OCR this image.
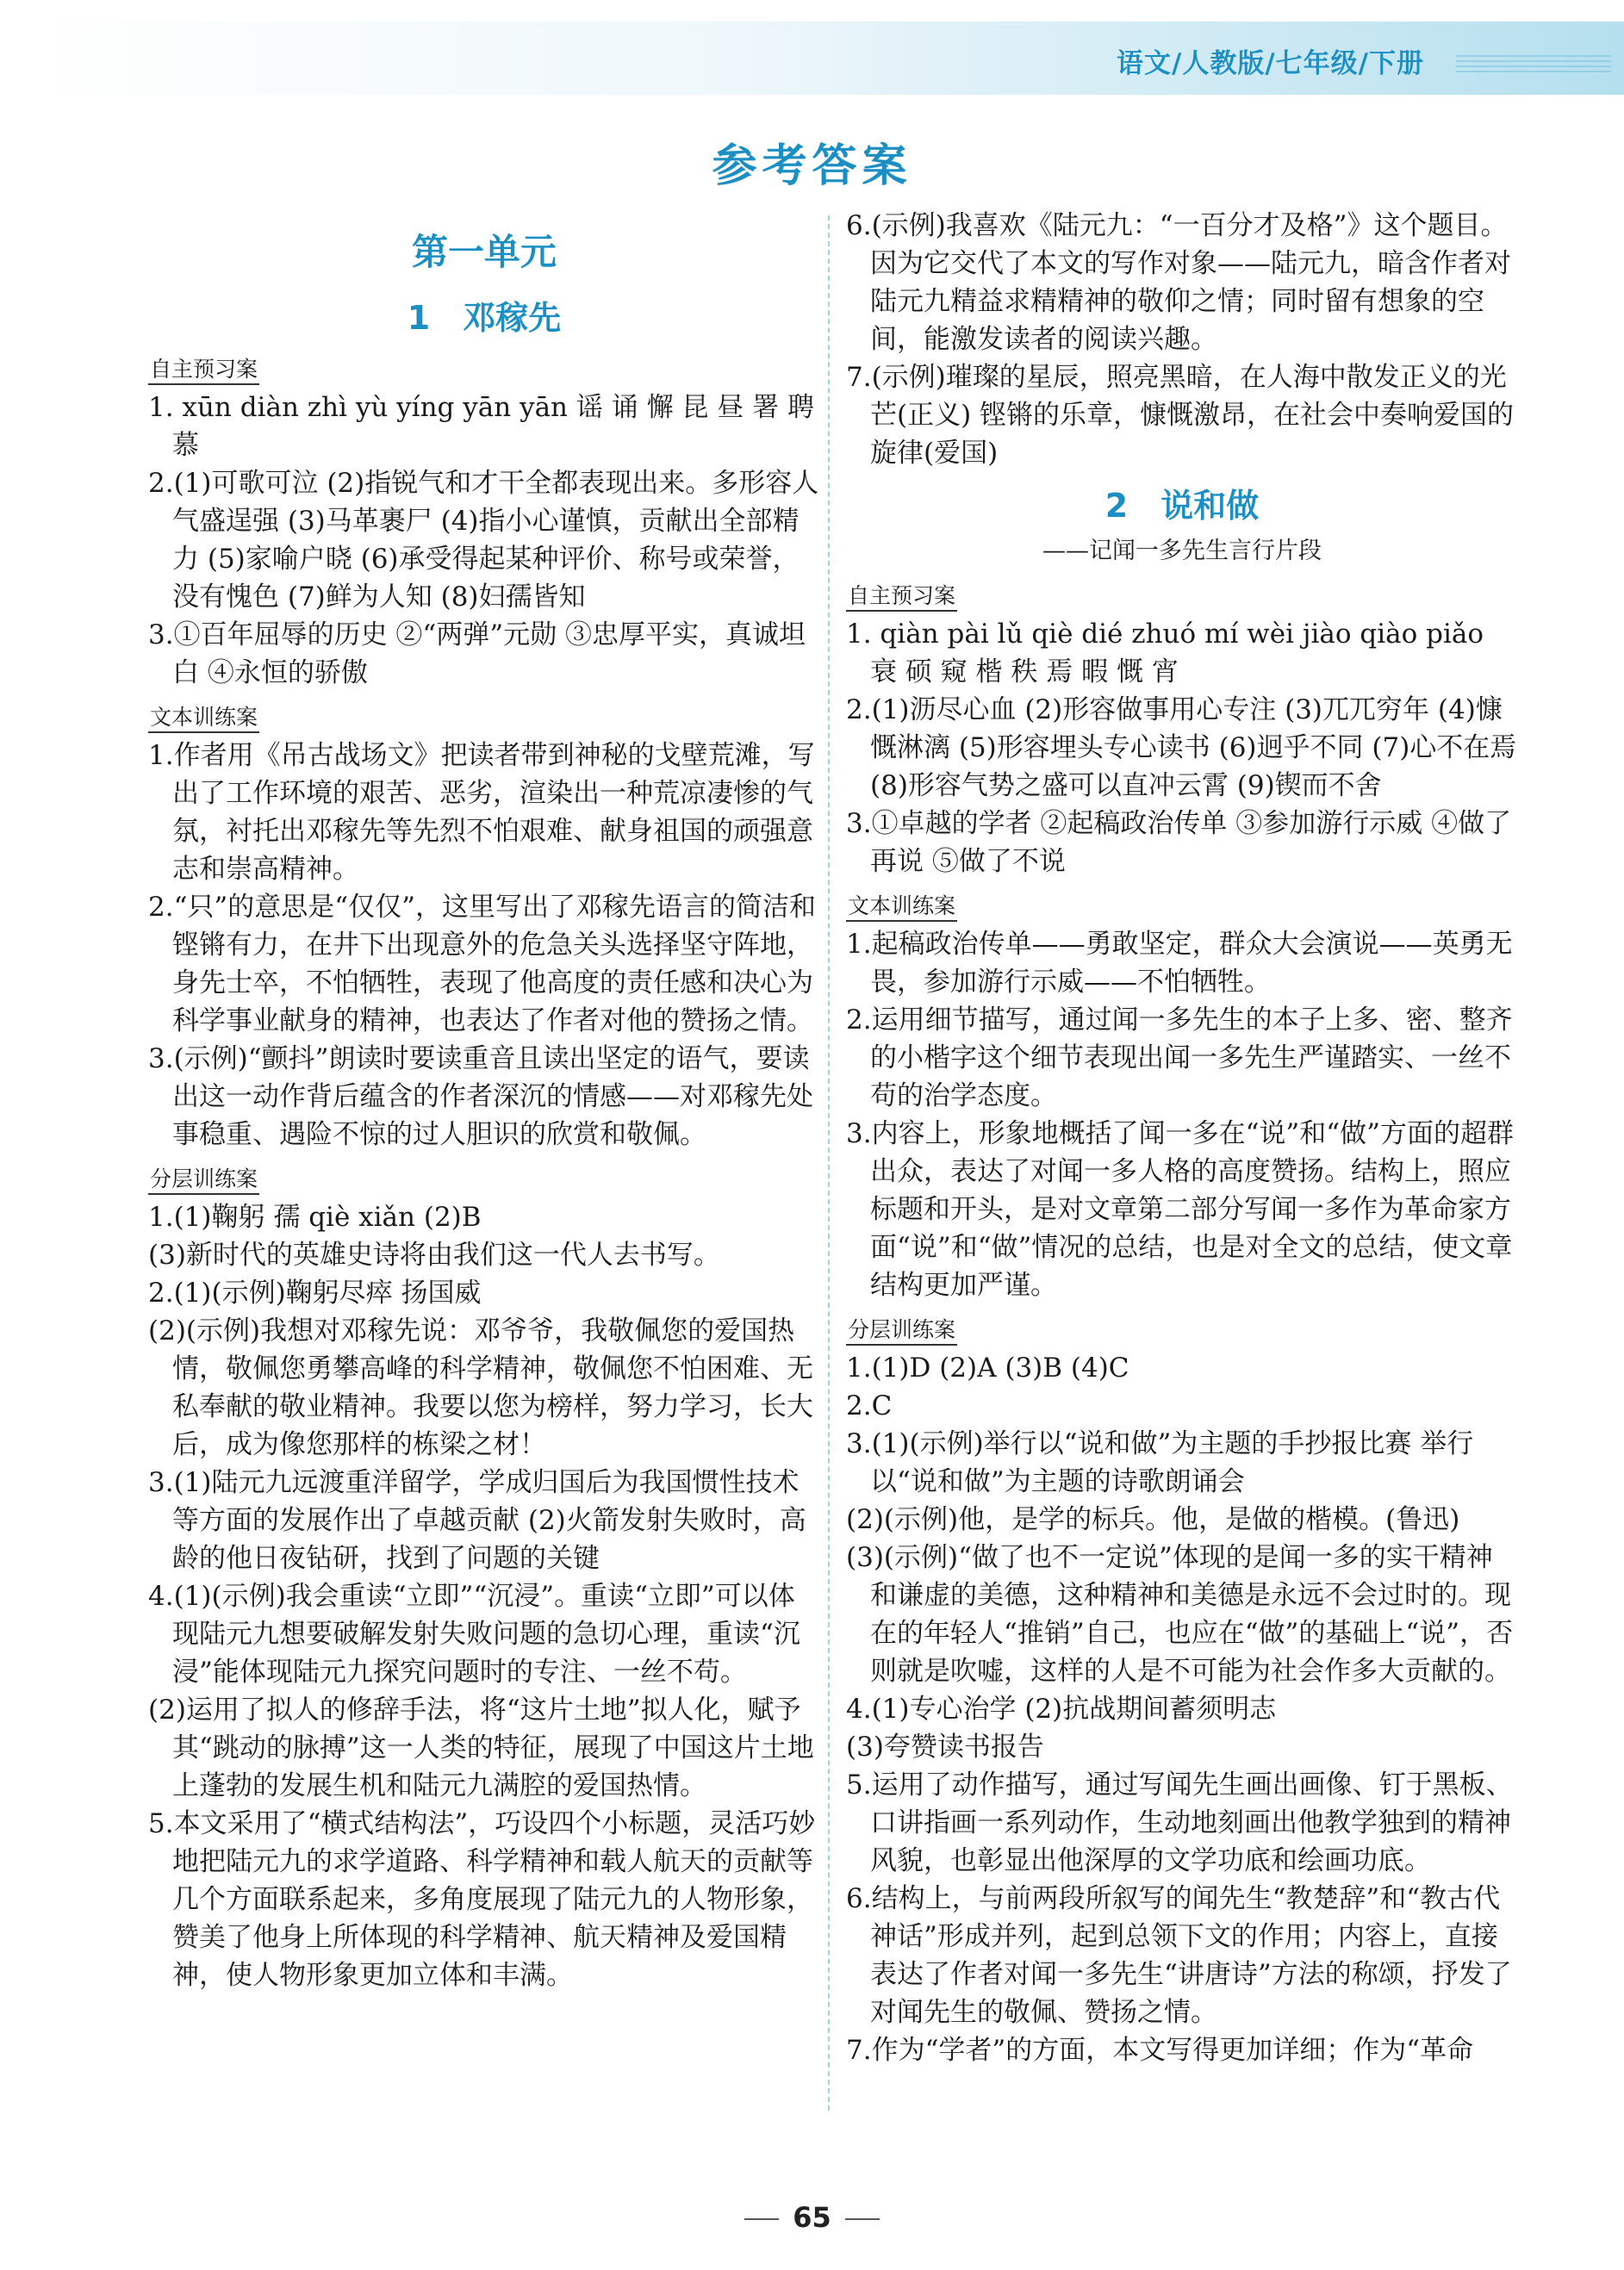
语文/人教版/七年级/下册
参考答案
第一单元
1　邓稼先
自主预习案

1. xūn diàn zhì yù yíng yān yān 谣 诵 懈 昆 昼 署 聘 慕

2.(1)可歌可泣 (2)指锐气和才干全都表现出来。多形容人气盛逞强 (3)马革裹尸 (4)指小心谨慎，贡献出全部精力 (5)家喻户晓 (6)承受得起某种评价、称号或荣誉，没有愧色 (7)鲜为人知 (8)妇孺皆知

3.①百年屈辱的历史 ②“两弹”元勋 ③忠厚平实，真诚坦白 ④永恒的骄傲

文本训练案

1.作者用《吊古战场文》把读者带到神秘的戈壁荒滩，写出了工作环境的艰苦、恶劣，渲染出一种荒凉凄惨的气氛，衬托出邓稼先等先烈不怕艰难、献身祖国的顽强意志和崇高精神。

2.“只”的意思是“仅仅”，这里写出了邓稼先语言的简洁和铿锵有力，在井下出现意外的危急关头选择坚守阵地，身先士卒，不怕牺牲，表现了他高度的责任感和决心为科学事业献身的精神，也表达了作者对他的赞扬之情。

3.(示例)“颤抖”朗读时要读重音且读出坚定的语气，要读出这一动作背后蕴含的作者深沉的情感——对邓稼先处事稳重、遇险不惊的过人胆识的欣赏和敬佩。

分层训练案

1.(1)鞠躬 孺 qiè xiǎn (2)B

(3)新时代的英雄史诗将由我们这一代人去书写。

2.(1)(示例)鞠躬尽瘁 扬国威

(2)(示例)我想对邓稼先说：邓爷爷，我敬佩您的爱国热情，敬佩您勇攀高峰的科学精神，敬佩您不怕困难、无私奉献的敬业精神。我要以您为榜样，努力学习，长大后，成为像您那样的栋梁之材！

3.(1)陆元九远渡重洋留学，学成归国后为我国惯性技术等方面的发展作出了卓越贡献 (2)火箭发射失败时，高龄的他日夜钻研，找到了问题的关键

4.(1)(示例)我会重读“立即”“沉浸”。重读“立即”可以体现陆元九想要破解发射失败问题的急切心理，重读“沉浸”能体现陆元九探究问题时的专注、一丝不苟。

(2)运用了拟人的修辞手法，将“这片土地”拟人化，赋予其“跳动的脉搏”这一人类的特征，展现了中国这片土地上蓬勃的发展生机和陆元九满腔的爱国热情。

5.本文采用了“横式结构法”，巧设四个小标题，灵活巧妙地把陆元九的求学道路、科学精神和载人航天的贡献等几个方面联系起来，多角度展现了陆元九的人物形象，赞美了他身上所体现的科学精神、航天精神及爱国精神，使人物形象更加立体和丰满。

6.(示例)我喜欢《陆元九：“一百分才及格”》这个题目。因为它交代了本文的写作对象——陆元九，暗含作者对陆元九精益求精精神的敬仰之情；同时留有想象的空间，能激发读者的阅读兴趣。

7.(示例)璀璨的星辰，照亮黑暗，在人海中散发正义的光芒(正义) 铿锵的乐章，慷慨激昂，在社会中奏响爱国的旋律(爱国)

2　说和做
——记闻一多先生言行片段
自主预习案

1. qiàn pài lǔ qiè dié zhuó mí wèi jiào qiào piǎo 衰 硕 窥 楷 秩 焉 暇 慨 宵

2.(1)沥尽心血 (2)形容做事用心专注 (3)兀兀穷年 (4)慷慨淋漓 (5)形容埋头专心读书 (6)迥乎不同 (7)心不在焉 (8)形容气势之盛可以直冲云霄 (9)锲而不舍

3.①卓越的学者 ②起稿政治传单 ③参加游行示威 ④做了再说 ⑤做了不说

文本训练案

1.起稿政治传单——勇敢坚定，群众大会演说——英勇无畏，参加游行示威——不怕牺牲。

2.运用细节描写，通过闻一多先生的本子上多、密、整齐的小楷字这个细节表现出闻一多先生严谨踏实、一丝不苟的治学态度。

3.内容上，形象地概括了闻一多在“说”和“做”方面的超群出众，表达了对闻一多人格的高度赞扬。结构上，照应标题和开头，是对文章第二部分写闻一多作为革命家方面“说”和“做”情况的总结，也是对全文的总结，使文章结构更加严谨。

分层训练案

1.(1)D (2)A (3)B (4)C

2.C

3.(1)(示例)举行以“说和做”为主题的手抄报比赛 举行以“说和做”为主题的诗歌朗诵会

(2)(示例)他，是学的标兵。他，是做的楷模。(鲁迅)

(3)(示例)“做了也不一定说”体现的是闻一多的实干精神和谦虚的美德，这种精神和美德是永远不会过时的。现在的年轻人“推销”自己，也应在“做”的基础上“说”，否则就是吹嘘，这样的人是不可能为社会作多大贡献的。

4.(1)专心治学 (2)抗战期间蓄须明志

(3)夸赞读书报告

5.运用了动作描写，通过写闻先生画出画像、钉于黑板、口讲指画一系列动作，生动地刻画出他教学独到的精神风貌，也彰显出他深厚的文学功底和绘画功底。

6.结构上，与前两段所叙写的闻先生“教楚辞”和“教古代神话”形成并列，起到总领下文的作用；内容上，直接表达了作者对闻一多先生“讲唐诗”方法的称颂，抒发了对闻先生的敬佩、赞扬之情。

7.作为“学者”的方面，本文写得更加详细；作为“革命

65
